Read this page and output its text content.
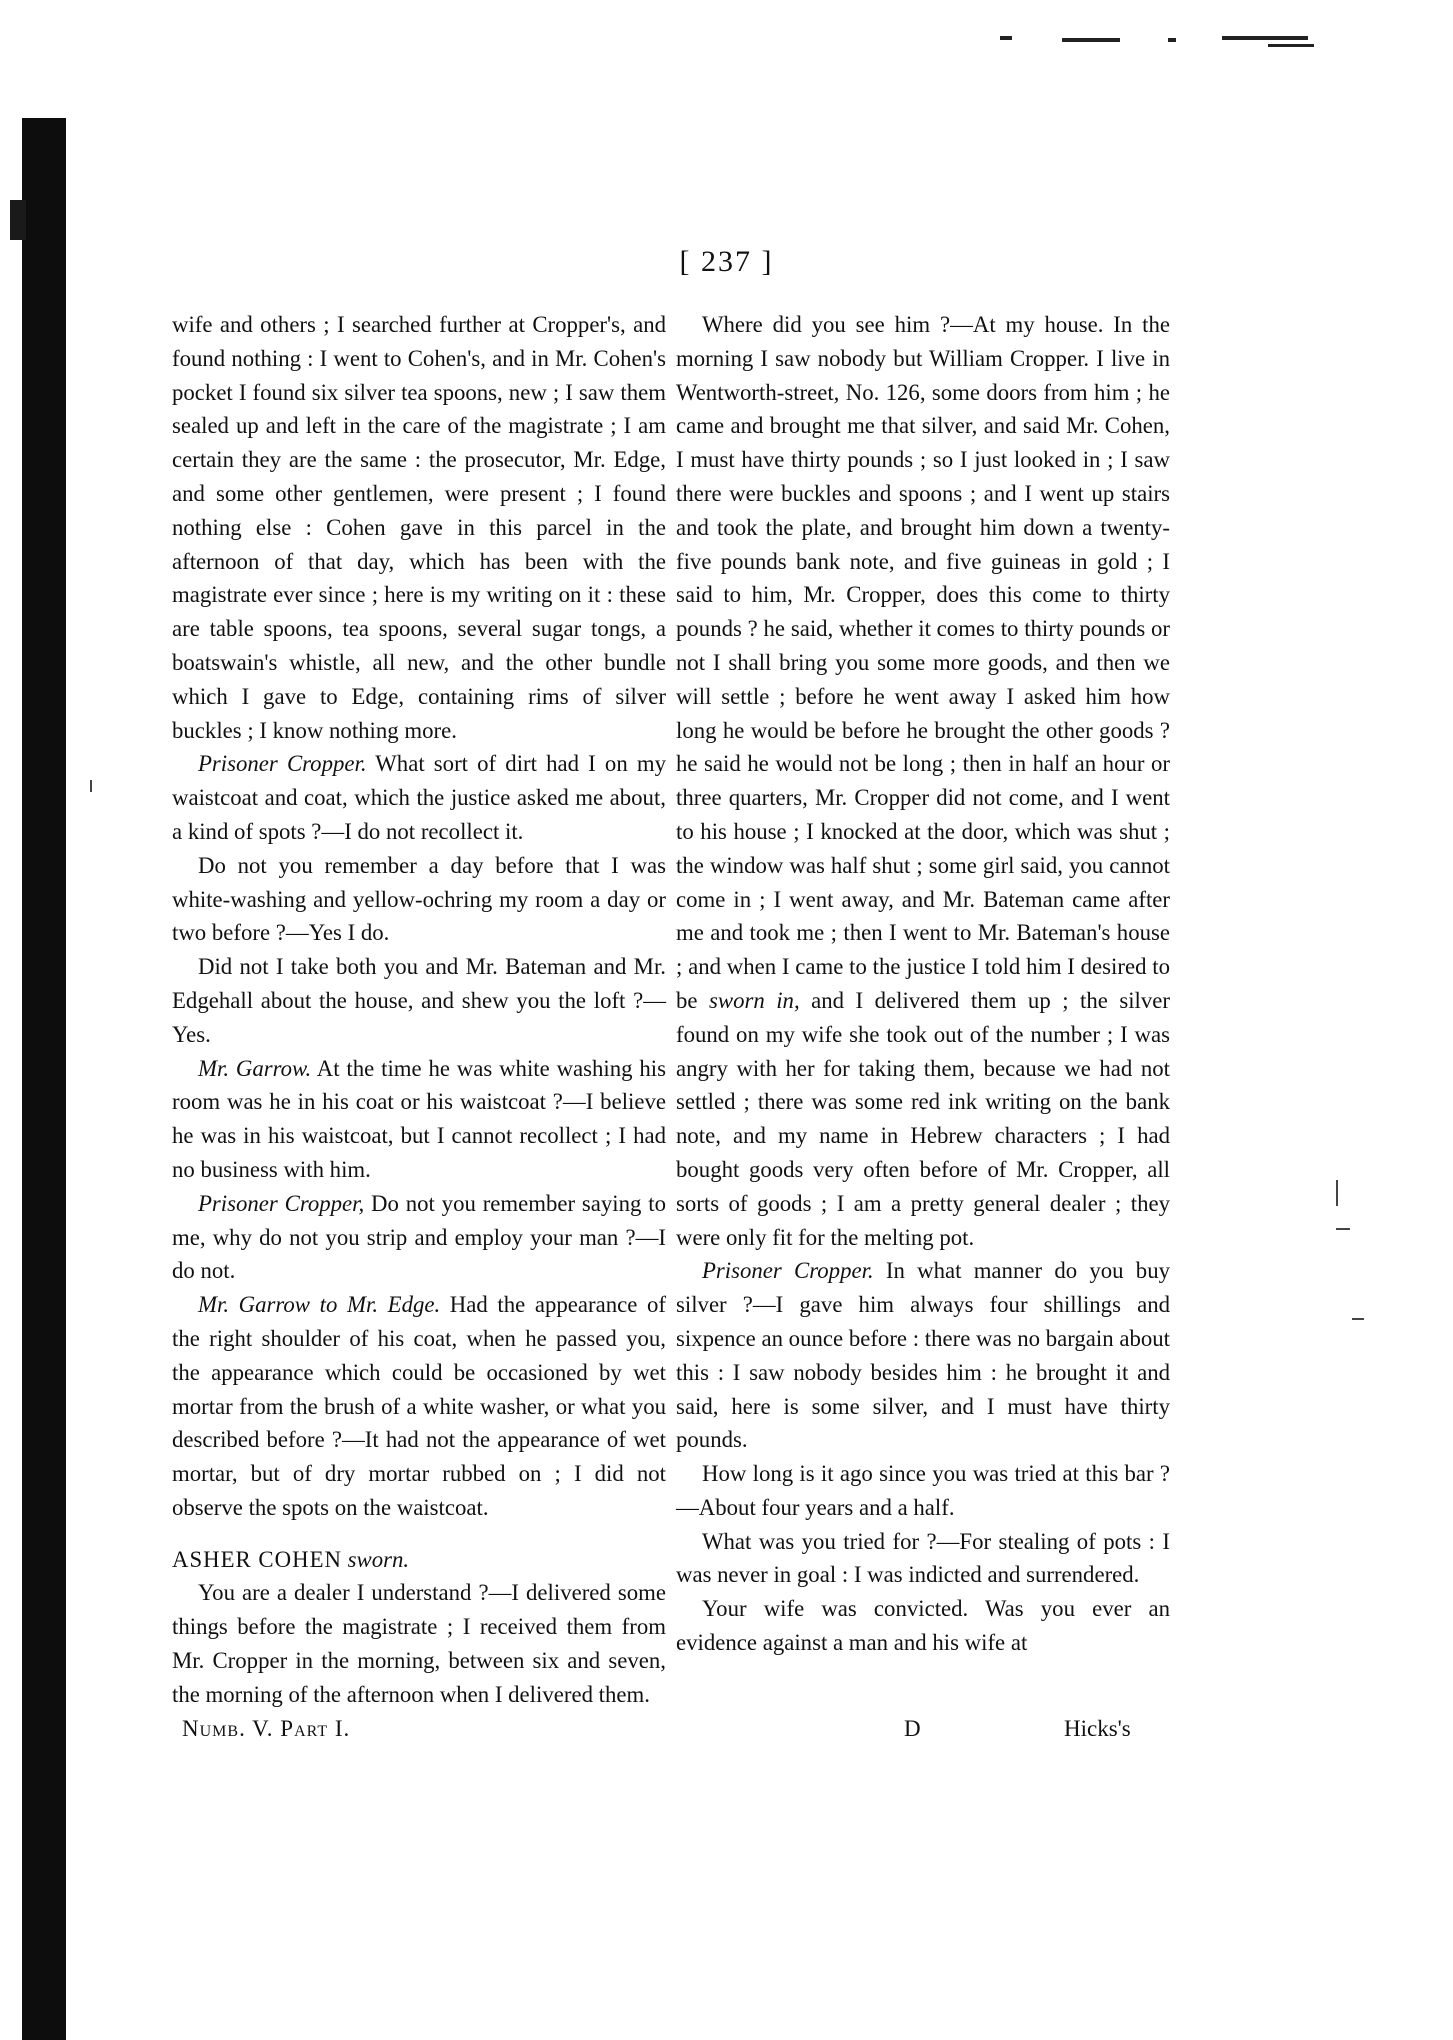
[ 237 ]

wife and others ; I searched further at Cropper's, and found nothing : I went to Cohen's, and in Mr. Cohen's pocket I found six silver tea spoons, new ; I saw them sealed up and left in the care of the magistrate ; I am certain they are the same : the prosecutor, Mr. Edge, and some other gentlemen, were present ; I found nothing else : Cohen gave in this parcel in the afternoon of that day, which has been with the magistrate ever since ; here is my writing on it : these are table spoons, tea spoons, several sugar tongs, a boatswain's whistle, all new, and the other bundle which I gave to Edge, containing rims of silver buckles ; I know nothing more.

Prisoner Cropper. What sort of dirt had I on my waistcoat and coat, which the justice asked me about, a kind of spots ?—I do not recollect it.

Do not you remember a day before that I was white-washing and yellow-ochring my room a day or two before ?—Yes I do.

Did not I take both you and Mr. Bateman and Mr. Edgehall about the house, and shew you the loft ?—Yes.

Mr. Garrow. At the time he was white washing his room was he in his coat or his waistcoat ?—I believe he was in his waistcoat, but I cannot recollect ; I had no business with him.

Prisoner Cropper, Do not you remember saying to me, why do not you strip and employ your man ?—I do not.

Mr. Garrow to Mr. Edge. Had the appearance of the right shoulder of his coat, when he passed you, the appearance which could be occasioned by wet mortar from the brush of a white washer, or what you described before ?—It had not the appearance of wet mortar, but of dry mortar rubbed on ; I did not observe the spots on the waistcoat.

ASHER COHEN sworn.

You are a dealer I understand ?—I delivered some things before the magistrate ; I received them from Mr. Cropper in the morning, between six and seven, the morning of the afternoon when I delivered them.

Where did you see him ?—At my house. In the morning I saw nobody but William Cropper. I live in Wentworth-street, No. 126, some doors from him ; he came and brought me that silver, and said Mr. Cohen, I must have thirty pounds ; so I just looked in ; I saw there were buckles and spoons ; and I went up stairs and took the plate, and brought him down a twenty-five pounds bank note, and five guineas in gold ; I said to him, Mr. Cropper, does this come to thirty pounds ? he said, whether it comes to thirty pounds or not I shall bring you some more goods, and then we will settle ; before he went away I asked him how long he would be before he brought the other goods ? he said he would not be long ; then in half an hour or three quarters, Mr. Cropper did not come, and I went to his house ; I knocked at the door, which was shut ; the window was half shut ; some girl said, you cannot come in ; I went away, and Mr. Bateman came after me and took me ; then I went to Mr. Bateman's house ; and when I came to the justice I told him I desired to be sworn in, and I delivered them up ; the silver found on my wife she took out of the number ; I was angry with her for taking them, because we had not settled ; there was some red ink writing on the bank note, and my name in Hebrew characters ; I had bought goods very often before of Mr. Cropper, all sorts of goods ; I am a pretty general dealer ; they were only fit for the melting pot.

Prisoner Cropper. In what manner do you buy silver ?—I gave him always four shillings and sixpence an ounce before : there was no bargain about this : I saw nobody besides him : he brought it and said, here is some silver, and I must have thirty pounds.

How long is it ago since you was tried at this bar ?—About four years and a half.

What was you tried for ?—For stealing of pots : I was never in goal : I was indicted and surrendered.

Your wife was convicted. Was you ever an evidence against a man and his wife at

Numb. V. Part I.	D	Hicks's
